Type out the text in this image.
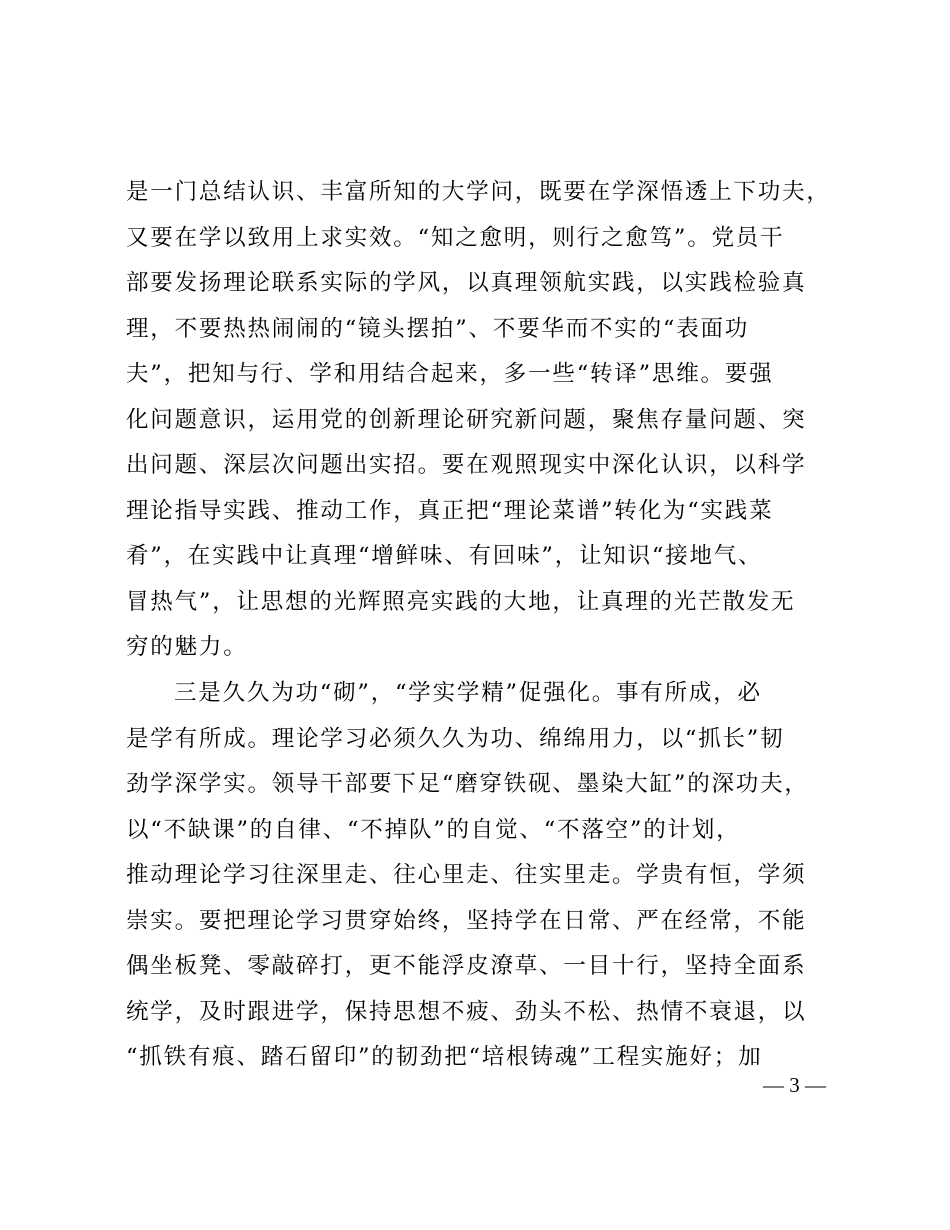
是一门总结认识、丰富所知的大学问，既要在学深悟透上下功夫，
又要在学以致用上求实效。“知之愈明，则行之愈笃”。党员干
部要发扬理论联系实际的学风，以真理领航实践，以实践检验真
理，不要热热闹闹的“镜头摆拍”、不要华而不实的“表面功
夫”，把知与行、学和用结合起来，多一些“转译”思维。要强
化问题意识，运用党的创新理论研究新问题，聚焦存量问题、突
出问题、深层次问题出实招。要在观照现实中深化认识，以科学
理论指导实践、推动工作，真正把“理论菜谱”转化为“实践菜
肴”，在实践中让真理“增鲜味、有回味”，让知识“接地气、
冒热气”，让思想的光辉照亮实践的大地，让真理的光芒散发无
穷的魅力。
三是久久为功“砌”，“学实学精”促强化。事有所成，必
是学有所成。理论学习必须久久为功、绵绵用力，以“抓长”韧
劲学深学实。领导干部要下足“磨穿铁砚、墨染大缸”的深功夫，
以“不缺课”的自律、“不掉队”的自觉、“不落空”的计划，
推动理论学习往深里走、往心里走、往实里走。学贵有恒，学须
崇实。要把理论学习贯穿始终，坚持学在日常、严在经常，不能
偶坐板凳、零敲碎打，更不能浮皮潦草、一目十行，坚持全面系
统学，及时跟进学，保持思想不疲、劲头不松、热情不衰退，以
“抓铁有痕、踏石留印”的韧劲把“培根铸魂”工程实施好；加
— 3 —
